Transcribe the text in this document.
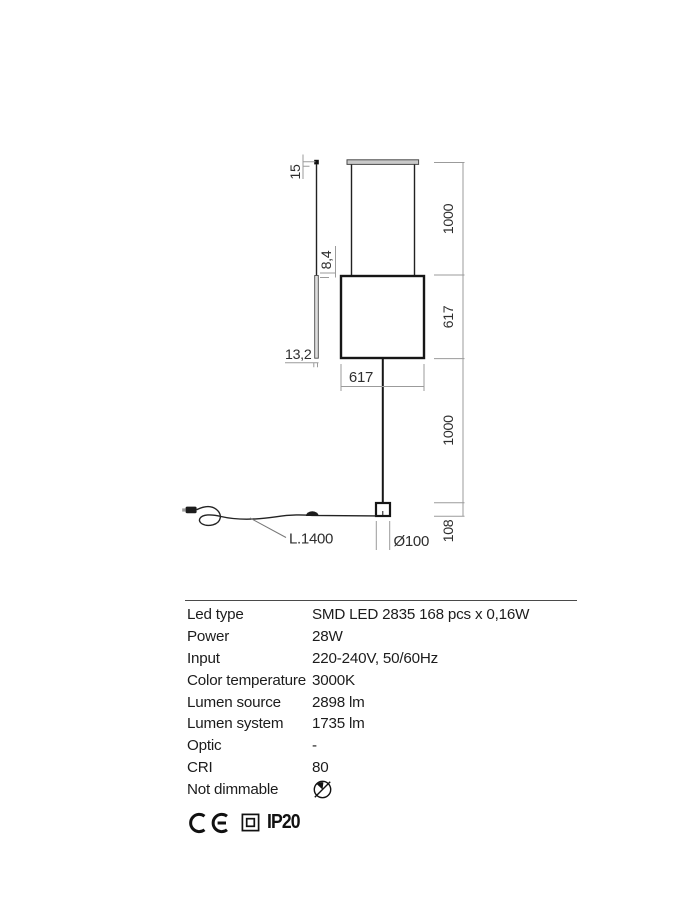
15
8,4
13,2
L.1400	Ø100
617
1000
617
1000
108
Led type	SMD LED 2835 168 pcs x 0,16W
Power	28W
Input	220-240V, 50/60Hz
Color temperature 3000K
Lumen source	2898 lm
Lumen system	1735 lm
Optic	-
CRI	80
Not dimmable
IP20
